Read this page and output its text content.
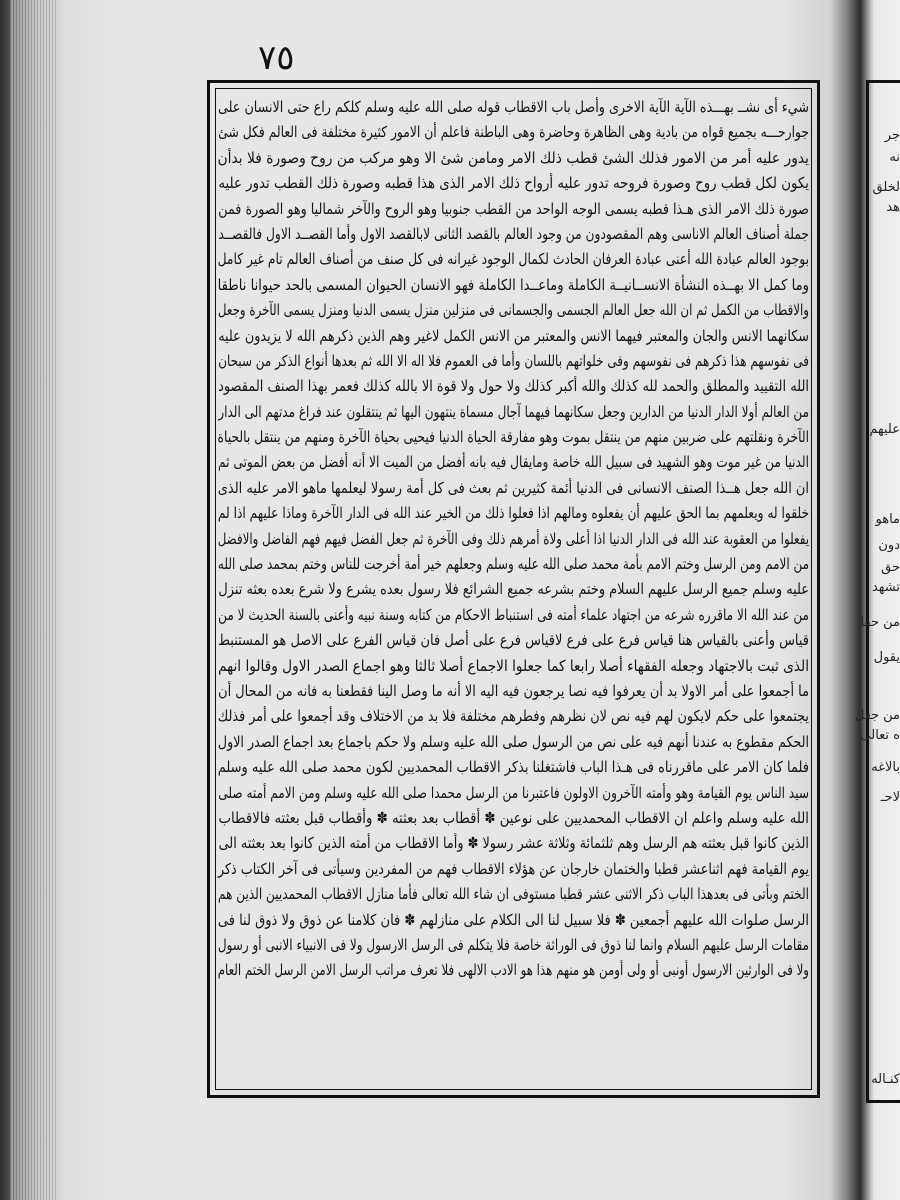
٧٥
شيء أى نشــ بهـــذه الآية الآية الاخرى وأصل باب الاقطاب قوله صلى الله عليه وسلم كلكم راع حتى الانسان على
جوارحـــه بجميع قواه من بادية وهى الظاهرة وحاضرة وهى الباطنة فاعلم أن الامور كثيرة مختلفة فى العالم فكل شئ
يدور عليه أمر من الامور فذلك الشئ قطب ذلك الامر ومامن شئ الا وهو مركب من روح وصورة فلا بدأن
يكون لكل قطب روح وصورة فروحه تدور عليه أرواح ذلك الامر الذى هذا قطبه وصورة ذلك القطب تدور عليه
صورة ذلك الامر الذى هـذا قطبه يسمى الوجه الواحد من القطب جنوبيا وهو الروح والآخر شماليا وهو الصورة فمن
جملة أصناف العالم الاناسى وهم المقصودون من وجود العالم بالقصد الثانى لابالقصد الاول وأما القصــد الاول فالقصــد
بوجود العالم عبادة الله أعنى عبادة العرفان الحادث لكمال الوجود غيرانه فى كل صنف من أصناف العالم تام غير كامل
وما كمل الا بهــذه النشأة الانســانيــة الكاملة وماعــدا الكاملة فهو الانسان الحيوان المسمى بالحد حيوانا ناطقا
والاقطاب من الكمل ثم ان الله جعل العالم الجسمى والجسمانى فى منزلين منزل يسمى الدنيا ومنزل يسمى الآخرة وجعل
سكانهما الانس والجان والمعتبر فيهما الانس والمعتبر من الانس الكمل لاغير وهم الذين ذكرهم الله لا يزيدون عليه
فى نفوسهم هذا ذكرهم فى نفوسهم وفى خلواتهم باللسان وأما فى العموم فلا اله الا الله ثم بعدها أنواع الذكر من سبحان
الله التقييد والمطلق والحمد لله كذلك والله أكبر كذلك ولا حول ولا قوة الا بالله كذلك فعمر بهذا الصنف المقصود
من العالم أولا الدار الدنيا من الدارين وجعل سكانهما فيهما آجال مسماة ينتهون اليها ثم ينتقلون عند فراغ مدتهم الى الدار
الآخرة ونقلتهم على ضربين منهم من ينتقل بموت وهو مفارقة الحياة الدنيا فيحيى بحياة الآخرة ومنهم من ينتقل بالحياة
الدنيا من غير موت وهو الشهيد فى سبيل الله خاصة ومايقال فيه بانه أفضل من الميت الا أنه أفضل من بعض الموتى ثم
ان الله جعل هــذا الصنف الانسانى فى الدنيا أئمة كثيرين ثم بعث فى كل أمة رسولا ليعلمها ماهو الامر عليه الذى
خلقوا له ويعلمهم بما الحق عليهم أن يفعلوه ومالهم اذا فعلوا ذلك من الخير عند الله فى الدار الآخرة وماذا عليهم اذا لم
يفعلوا من العقوبة عند الله فى الدار الدنيا اذا أعلى ولاة أمرهم ذلك وفى الآخرة ثم جعل الفضل فيهم فهم الفاضل والافضل
من الامم ومن الرسل وختم الامم بأمة محمد صلى الله عليه وسلم وجعلهم خير أمة أخرجت للناس وختم بمحمد صلى الله
عليه وسلم جميع الرسل عليهم السلام وختم بشرعه جميع الشرائع فلا رسول بعده يشرع ولا شرع بعده بعثه تنزل
من عند الله الا ماقرره شرعه من اجتهاد علماء أمته فى استنباط الاحكام من كتابه وسنة نبيه وأعنى بالسنة الحديث لا من
قياس وأعنى بالقياس هنا قياس فرع على فرع لاقياس فرع على أصل فان قياس الفرع على الاصل هو المستنبط
الذى ثبت بالاجتهاد وجعله الفقهاء أصلا رابعا كما جعلوا الاجماع أصلا ثالثا وهو اجماع الصدر الاول وقالوا انهم
ما أجمعوا على أمر الاولا بد أن يعرفوا فيه نصا يرجعون فيه اليه الا أنه ما وصل الينا فقطعنا به فانه من المحال أن
يجتمعوا على حكم لايكون لهم فيه نص لان نظرهم وفطرهم مختلفة فلا بد من الاختلاف وقد أجمعوا على أمر فذلك
الحكم مقطوع به عندنا أنهم فيه على نص من الرسول صلى الله عليه وسلم ولا حكم باجماع بعد اجماع الصدر الاول
فلما كان الامر على ماقررناه فى هـذا الباب فاشتغلنا بذكر الاقطاب المحمديين لكون محمد صلى الله عليه وسلم
سيد الناس يوم القيامة وهو وأمته الآخرون الاولون فاعتبرنا من الرسل محمدا صلى الله عليه وسلم ومن الامم أمته صلى
الله عليه وسلم واعلم ان الاقطاب المحمديين على نوعين ✽ أقطاب بعد بعثته ✽ وأقطاب قبل بعثته فالاقطاب
الذين كانوا قبل بعثته هم الرسل وهم ثلثمائة وثلاثة عشر رسولا ✽ وأما الاقطاب من أمته الذين كانوا بعد بعثته الى
يوم القيامة فهم اثناعشر قطبا والختمان خارجان عن هؤلاء الاقطاب فهم من المفردين وسيأتى فى آخر الكتاب ذكر
الختم وبأتى فى بعدهذا الباب ذكر الاثنى عشر قطبا مستوفى ان شاء الله تعالى فأما منازل الاقطاب المحمديين الذين هم
الرسل صلوات الله عليهم أجمعين ✽ فلا سبيل لنا الى الكلام على منازلهم ✽ فان كلامنا عن ذوق ولا ذوق لنا فى
مقامات الرسل عليهم السلام وانما لنا ذوق فى الوراثة خاصة فلا يتكلم فى الرسل الارسول ولا فى الانبياء الانبى أو رسول
ولا فى الوارثين الارسول أونبى أو ولى أومن هو منهم هذا هو الادب الالهى فلا تعرف مراتب الرسل الامن الرسل الختم العام
جر
نه
لخلق
هد
عليهم
ماهو
دون
حق
تشهد
من حقا
يقول
من جعل
ه تعالى
بالاغه
لاحـ
كنـاله
